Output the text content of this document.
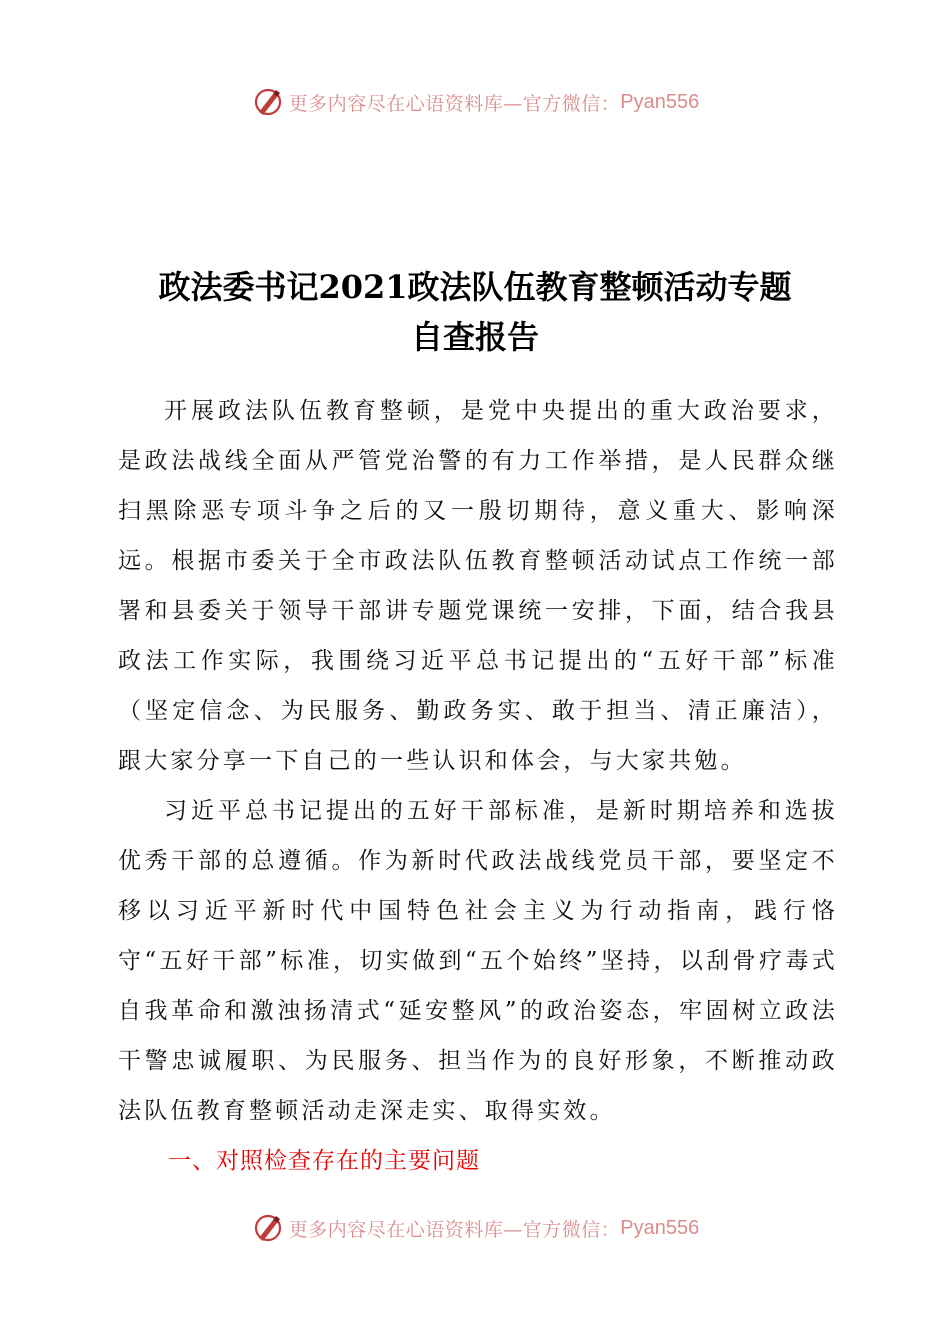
更多内容尽在心语资料库—官方微信： Pyan556
政法委书记2021政法队伍教育整顿活动专题
自查报告

开展政法队伍教育整顿，是党中央提出的重大政治要求，是政法战线全面从严管党治警的有力工作举措，是人民群众继扫黑除恶专项斗争之后的又一殷切期待，意义重大、影响深远。根据市委关于全市政法队伍教育整顿活动试点工作统一部署和县委关于领导干部讲专题党课统一安排，下面，结合我县政法工作实际，我围绕习近平总书记提出的“五好干部”标准（坚定信念、为民服务、勤政务实、敢于担当、清正廉洁），跟大家分享一下自己的一些认识和体会，与大家共勉。

习近平总书记提出的五好干部标准，是新时期培养和选拔优秀干部的总遵循。作为新时代政法战线党员干部，要坚定不移以习近平新时代中国特色社会主义为行动指南，践行恪守“五好干部”标准，切实做到“五个始终”坚持，以刮骨疗毒式自我革命和激浊扬清式“延安整风”的政治姿态，牢固树立政法干警忠诚履职、为民服务、担当作为的良好形象，不断推动政法队伍教育整顿活动走深走实、取得实效。

一、对照检查存在的主要问题
更多内容尽在心语资料库—官方微信： Pyan556
